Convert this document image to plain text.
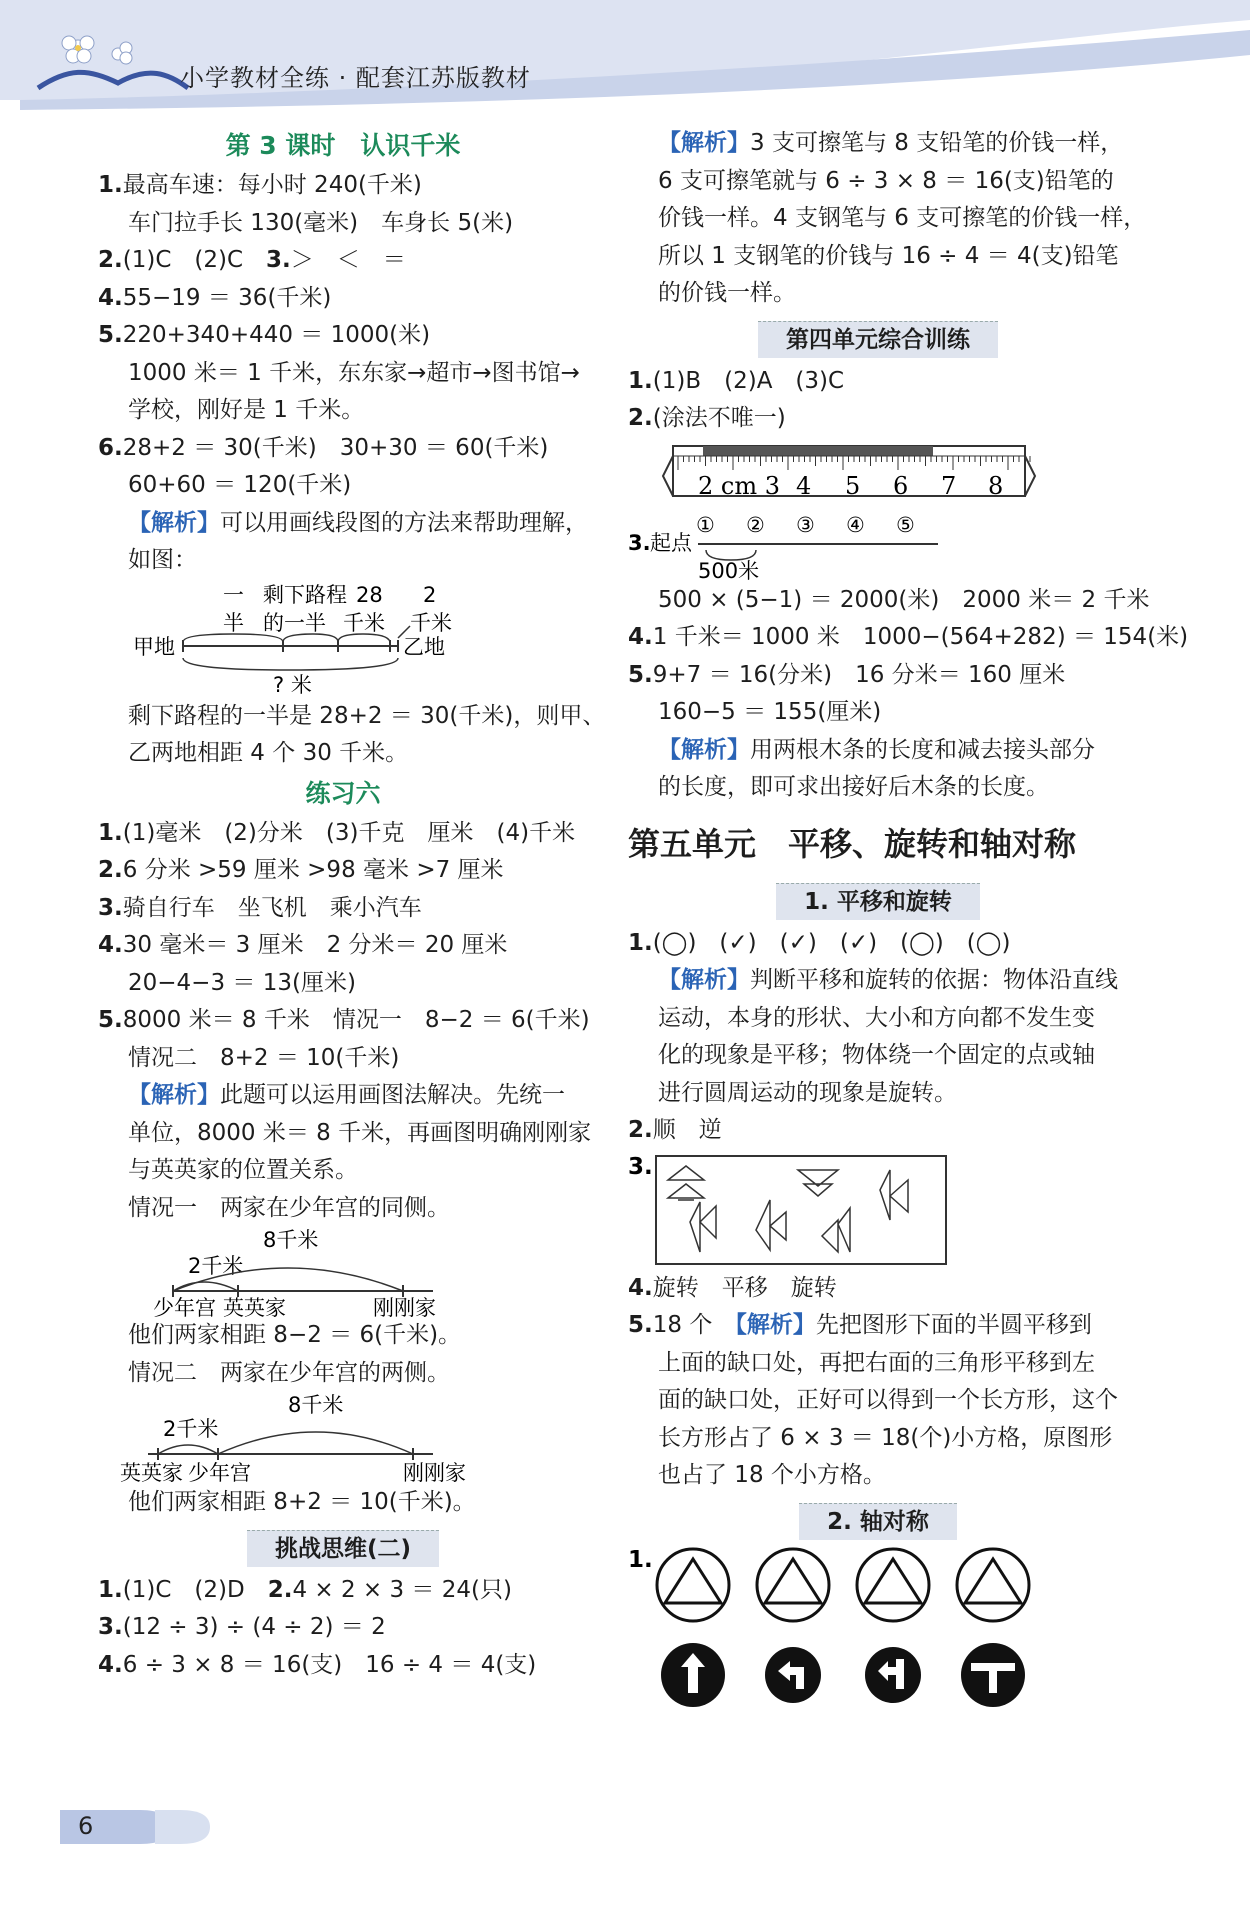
小学教材全练 · 配套江苏版教材
第 3 课时　认识千米
1.最高车速：每小时 240(千米)
车门拉手长 130(毫米)　车身长 5(米)
2.(1)C　(2)C　 3.＞　＜　＝
4.55−19 ＝ 36(千米)
5.220+340+440 ＝ 1000(米)
1000 米＝ 1 千米，东东家→超市→图书馆→
学校，刚好是 1 千米。
6.28+2 ＝ 30(千米)　30+30 ＝ 60(千米)
60+60 ＝ 120(千米)
【解析】可以用画线段图的方法来帮助理解，
如图：
一 剩下路程 28 2
半 的一半 千米 千米
甲地	乙地
? 米
剩下路程的一半是 28+2 ＝ 30(千米)，则甲、
乙两地相距 4 个 30 千米。
练习六
1.(1)毫米　(2)分米　(3)千克　厘米　(4)千米
2.6 分米 >59 厘米 >98 毫米 >7 厘米
3.骑自行车　坐飞机　乘小汽车
4.30 毫米＝ 3 厘米　2 分米＝ 20 厘米
20−4−3 ＝ 13(厘米)
5.8000 米＝ 8 千米　情况一　8−2 ＝ 6(千米)
情况二　8+2 ＝ 10(千米)
【解析】此题可以运用画图法解决。先统一
单位，8000 米＝ 8 千米，再画图明确刚刚家
与英英家的位置关系。
情况一　两家在少年宫的同侧。
8千米
2千米
少年宫 英英家	刚刚家
他们两家相距 8−2 ＝ 6(千米)。
情况二　两家在少年宫的两侧。
8千米
2千米
英英家 少年宫	刚刚家
他们两家相距 8+2 ＝ 10(千米)。
挑战思维(二)
1.(1)C　(2)D　 2.4 × 2 × 3 ＝ 24(只)
3.(12 ÷ 3) ÷ (4 ÷ 2) ＝ 2
4.6 ÷ 3 × 8 ＝ 16(支)　16 ÷ 4 ＝ 4(支)
【解析】3 支可擦笔与 8 支铅笔的价钱一样，
6 支可擦笔就与 6 ÷ 3 × 8 ＝ 16(支)铅笔的
价钱一样。4 支钢笔与 6 支可擦笔的价钱一样，
所以 1 支钢笔的价钱与 16 ÷ 4 ＝ 4(支)铅笔
的价钱一样。
第四单元综合训练
1.(1)B　(2)A　(3)C
2.(涂法不唯一)
2 cm 3 4 5 6 7 8
3. 起点
① ② ③ ④ ⑤
500米
500 × (5−1) ＝ 2000(米)　2000 米＝ 2 千米
4.1 千米＝ 1000 米　1000−(564+282) ＝ 154(米)
5.9+7 ＝ 16(分米)　16 分米＝ 160 厘米
160−5 ＝ 155(厘米)
【解析】用两根木条的长度和减去接头部分
的长度，即可求出接好后木条的长度。
第五单元　平移、旋转和轴对称
1. 平移和旋转
1.(◯)　(✓)　(✓)　(✓)　(◯)　(◯)
【解析】判断平移和旋转的依据：物体沿直线
运动，本身的形状、大小和方向都不发生变
化的现象是平移；物体绕一个固定的点或轴
进行圆周运动的现象是旋转。
2.顺　逆
3.
4.旋转　平移　旋转
5.18 个　【解析】先把图形下面的半圆平移到
上面的缺口处，再把右面的三角形平移到左
面的缺口处，正好可以得到一个长方形，这个
长方形占了 6 × 3 ＝ 18(个)小方格，原图形
也占了 18 个小方格。
2. 轴对称
1.
6
